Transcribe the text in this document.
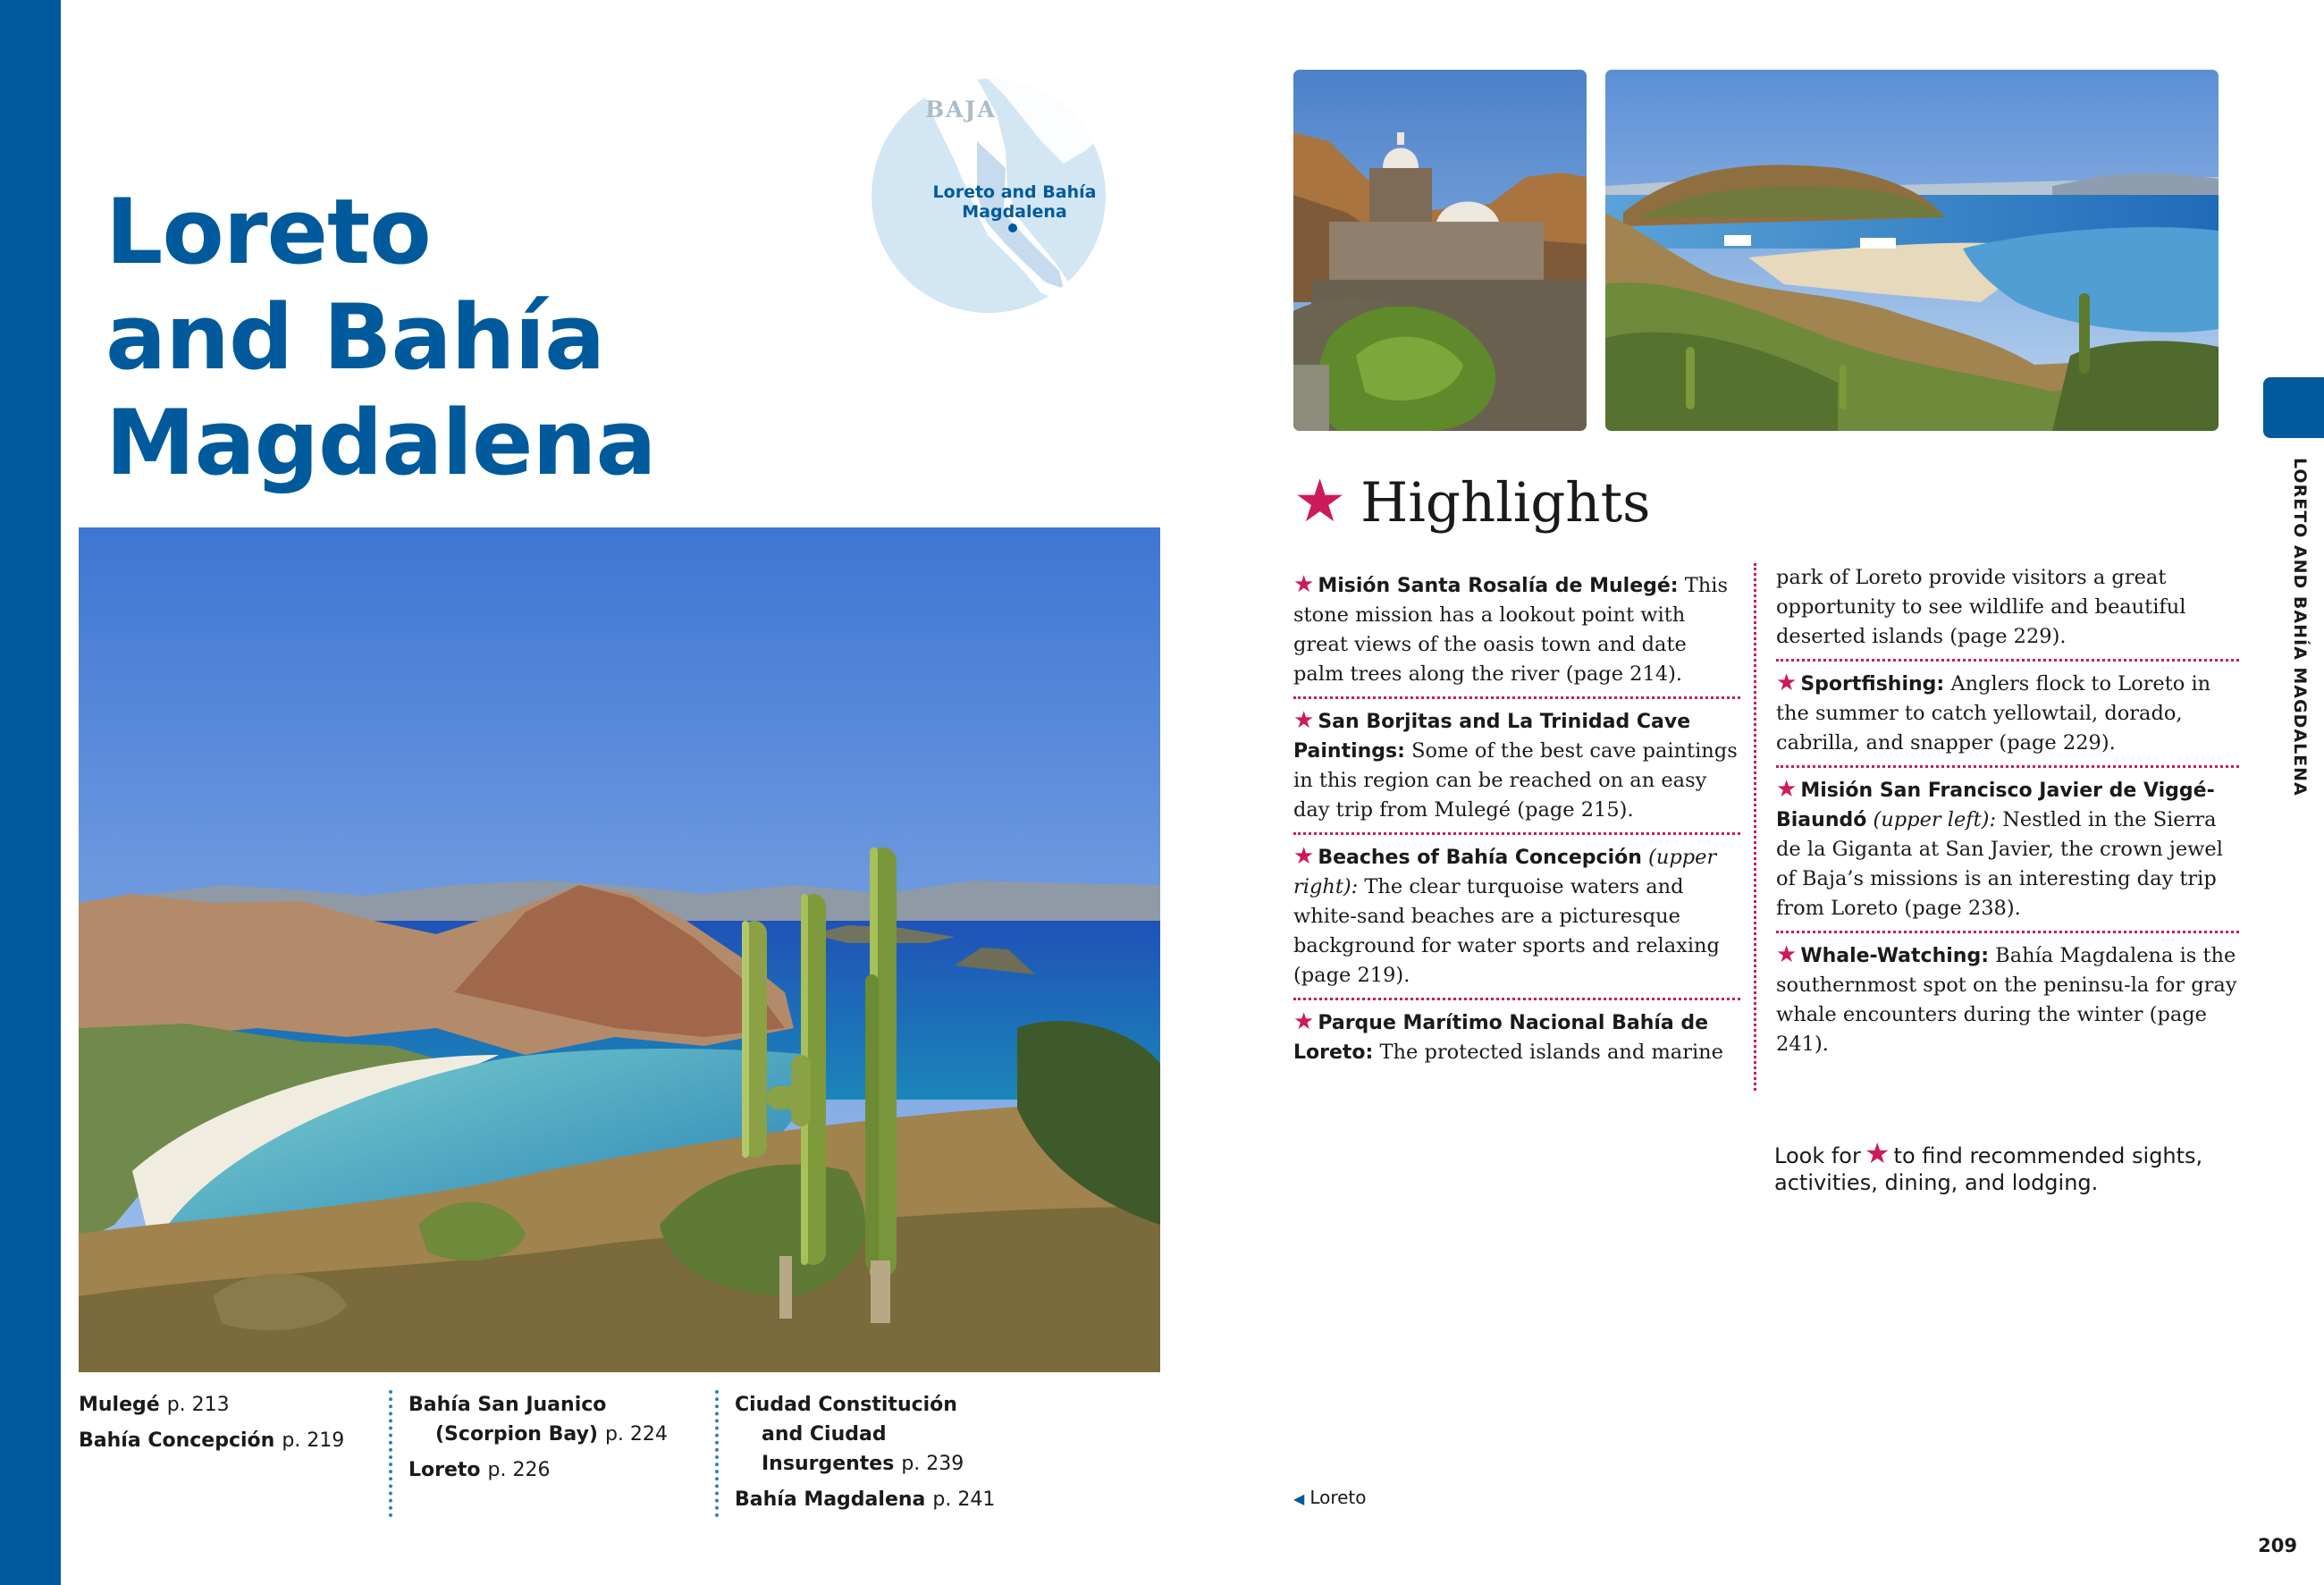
Loreto
and Bahía
Magdalena
BAJA
Loreto and Bahía Magdalena
Mulegé p. 213
Bahía Concepción p. 219
Bahía San Juanico

(Scorpion Bay) p. 224
Loreto p. 226
Ciudad Constitución

and Ciudad
Insurgentes p. 239
Bahía Magdalena p. 241
★ Highlights
★ Misión Santa Rosalía de Mulegé: This stone mission has a lookout point with great views of the oasis town and date palm trees along the river (page 214).
★ San Borjitas and La Trinidad Cave Paintings: Some of the best cave paintings in this region can be reached on an easy day trip from Mulegé (page 215).
★ Beaches of Bahía Concepción (upper right): The clear turquoise waters and white-sand beaches are a picturesque background for water sports and relaxing (page 219).
★ Parque Marítimo Nacional Bahía de Loreto: The protected islands and marine
park of Loreto provide visitors a great opportunity to see wildlife and beautiful deserted islands (page 229).
★ Sportfishing: Anglers flock to Loreto in the summer to catch yellowtail, dorado, cabrilla, and snapper (page 229).
★ Misión San Francisco Javier de Viggé-Biaundó (upper left): Nestled in the Sierra de la Giganta at San Javier, the crown jewel of Baja’s missions is an interesting day trip from Loreto (page 238).
★ Whale-Watching: Bahía Magdalena is the southernmost spot on the peninsu-la for gray whale encounters during the winter (page 241).
Look for ★ to find recommended sights, activities, dining, and lodging.
◀ Loreto
LORETO AND BAHÍA MAGDALENA
209
